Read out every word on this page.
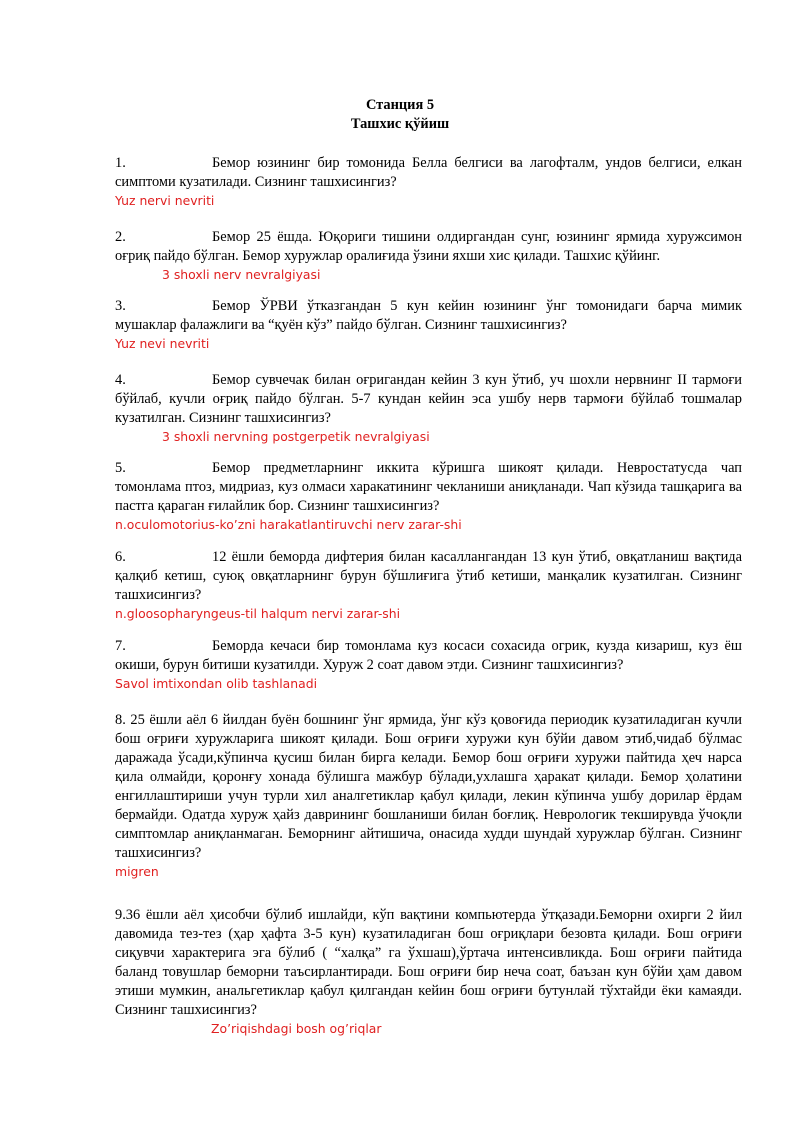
Станция 5
Ташхис қўйиш
1.	Бемор юзининг бир томонида Белла белгиси ва лагофталм, ундов белгиси, елкан симптоми кузатилади. Сизнинг ташхисингиз?
Yuz nervi nevriti
2.	Бемор 25 ёшда. Юқориги тишини олдиргандан сунг, юзининг ярмида хуружсимон оғриқ пайдо бўлган. Бемор хуружлар оралиғида ўзини яхши хис қилади. Ташхис қўйинг.
3 shoxli nerv nevralgiyasi
3.	Бемор ЎРВИ ўтказгандан 5 кун кейин юзининг ўнг томонидаги барча мимик мушаклар фалажлиги ва “қуён кўз” пайдо бўлган. Сизнинг ташхисингиз?
Yuz nevi nevriti
4.	Бемор сувчечак билан оғригандан кейин 3 кун ўтиб, уч шохли нервнинг II тармоғи бўйлаб, кучли оғриқ пайдо бўлган. 5-7 кундан кейин эса ушбу нерв тармоғи бўйлаб тошмалар кузатилган. Сизнинг ташхисингиз?
3 shoxli nervning postgerpetik nevralgiyasi
5.	Бемор предметларнинг иккита кўришга шикоят қилади. Невростатусда чап томонлама птоз, мидриаз, куз олмаси харакатининг чекланиши аниқланади. Чап кўзида ташқарига ва пастга қараган ғилайлик бор. Сизнинг ташхисингиз?
n.oculomotorius-ko’zni harakatlantiruvchi nerv zarar-shi
6.	12 ёшли беморда дифтерия билан касаллангандан 13 кун ўтиб, овқатланиш вақтида қалқиб кетиш, суюқ овқатларнинг бурун бўшлиғига ўтиб кетиши, манқалик кузатилган. Сизнинг ташхисингиз?
n.gloosopharyngeus-til halqum nervi zarar-shi
7.	Беморда кечаси бир томонлама куз косаси сохасида огрик, кузда кизариш, куз ёш окиши, бурун битиши кузатилди. Хуруж 2 соат давом этди. Сизнинг ташхисингиз?
Savol imtixondan olib tashlanadi
8. 25 ёшли аёл 6 йилдан буён бошнинг ўнг ярмида, ўнг кўз қовоғида периодик кузатиладиган кучли бош оғриғи хуружларига шикоят қилади. Бош оғриғи хуружи кун бўйи давом этиб,чидаб бўлмас даражада ўсади,кўпинча қусиш билан бирга келади. Бемор бош оғриғи хуружи пайтида ҳеч нарса қила олмайди, қоронғу хонада бўлишга мажбур бўлади,ухлашга ҳаракат қилади. Бемор ҳолатини енгиллаштириши учун турли хил аналгетиклар қабул қилади, лекин кўпинча ушбу дорилар ёрдам бермайди. Одатда хуруж ҳайз даврининг бошланиши билан боғлиқ. Неврологик текширувда ўчоқли симптомлар аниқланмаган. Беморнинг айтишича, онасида худди шундай хуружлар бўлган. Сизнинг ташхисингиз?
migren
9.36 ёшли аёл ҳисобчи бўлиб ишлайди, кўп вақтини компьютерда ўтқазади.Беморни охирги 2 йил давомида тез-тез (ҳар ҳафта 3-5 кун) кузатиладиган бош оғриқлари безовта қилади. Бош оғриғи сиқувчи характерига эга бўлиб ( “халқа” га ўхшаш),ўртача интенсивликда. Бош оғриғи пайтида баланд товушлар беморни таъсирлантиради. Бош оғриғи бир неча соат, баъзан кун бўйи ҳам давом этиши мумкин, анальгетиклар қабул қилгандан кейин бош оғриғи бутунлай тўхтайди ёки камаяди. Сизнинг ташхисингиз?
Zo’riqishdagi bosh og’riqlar
